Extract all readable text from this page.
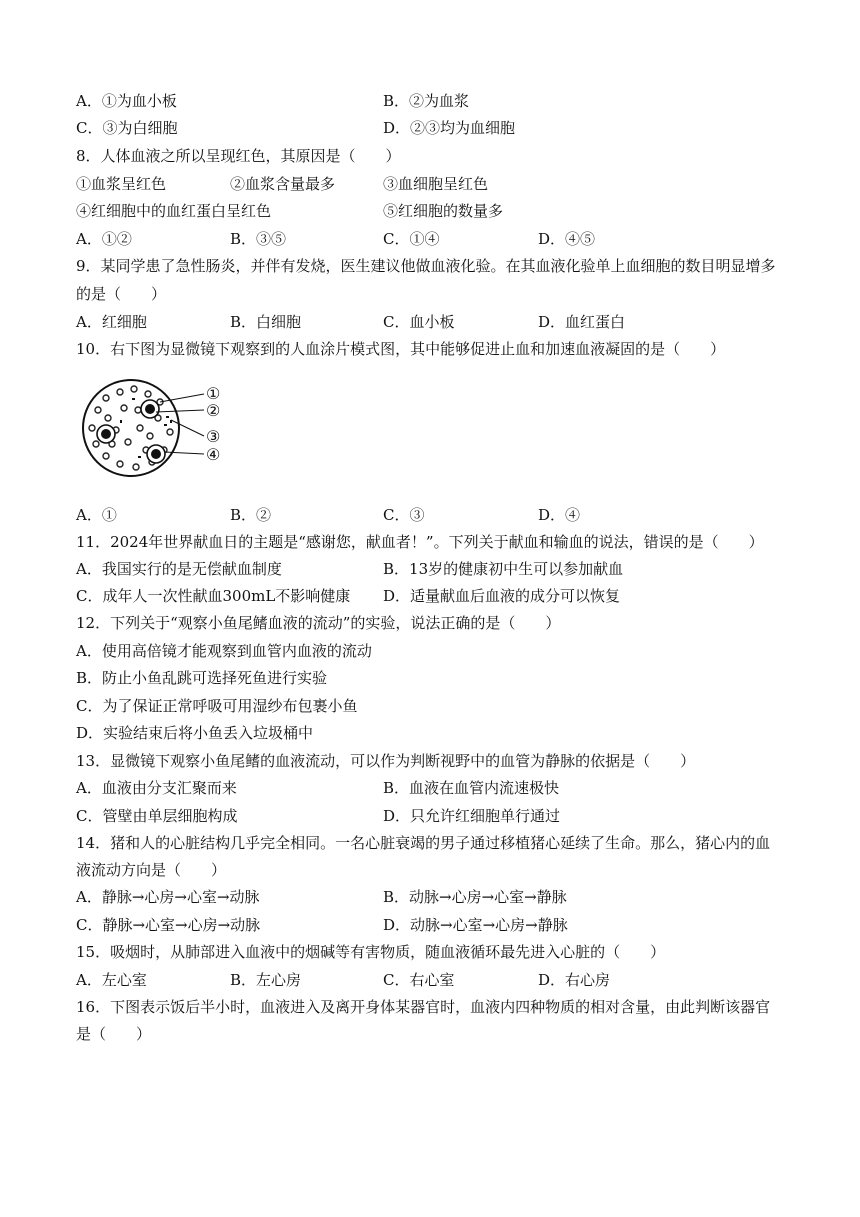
A．①为血小板	B．②为血浆
C．③为白细胞	D．②③均为血细胞
8．人体血液之所以呈现红色，其原因是（　　）
①血浆呈红色	②血浆含量最多	③血细胞呈红色
④红细胞中的血红蛋白呈红色	⑤红细胞的数量多
A．①②	B．③⑤	C．①④	D．④⑤
9．某同学患了急性肠炎，并伴有发烧，医生建议他做血液化验。在其血液化验单上血细胞的数目明显增多
的是（　　）
A．红细胞	B．白细胞	C．血小板	D．血红蛋白
10．右下图为显微镜下观察到的人血涂片模式图，其中能够促进止血和加速血液凝固的是（　　）
①
②
③
④
A．①	B．②	C．③	D．④
11．2024年世界献血日的主题是“感谢您，献血者！”。下列关于献血和输血的说法，错误的是（　　）
A．我国实行的是无偿献血制度	B．13岁的健康初中生可以参加献血
C．成年人一次性献血300mL不影响健康 D．适量献血后血液的成分可以恢复
12．下列关于“观察小鱼尾鳍血液的流动”的实验，说法正确的是（　　）
A．使用高倍镜才能观察到血管内血液的流动
B．防止小鱼乱跳可选择死鱼进行实验
C．为了保证正常呼吸可用湿纱布包裹小鱼
D．实验结束后将小鱼丢入垃圾桶中
13．显微镜下观察小鱼尾鳍的血液流动，可以作为判断视野中的血管为静脉的依据是（　　）
A．血液由分支汇聚而来	B．血液在血管内流速极快
C．管壁由单层细胞构成	D．只允许红细胞单行通过
14．猪和人的心脏结构几乎完全相同。一名心脏衰竭的男子通过移植猪心延续了生命。那么，猪心内的血
液流动方向是（　　）
A．静脉→心房→心室→动脉	B．动脉→心房→心室→静脉
C．静脉→心室→心房→动脉	D．动脉→心室→心房→静脉
15．吸烟时，从肺部进入血液中的烟碱等有害物质，随血液循环最先进入心脏的（　　）
A．左心室	B．左心房	C．右心室	D．右心房
16．下图表示饭后半小时，血液进入及离开身体某器官时，血液内四种物质的相对含量，由此判断该器官
是（　　）
